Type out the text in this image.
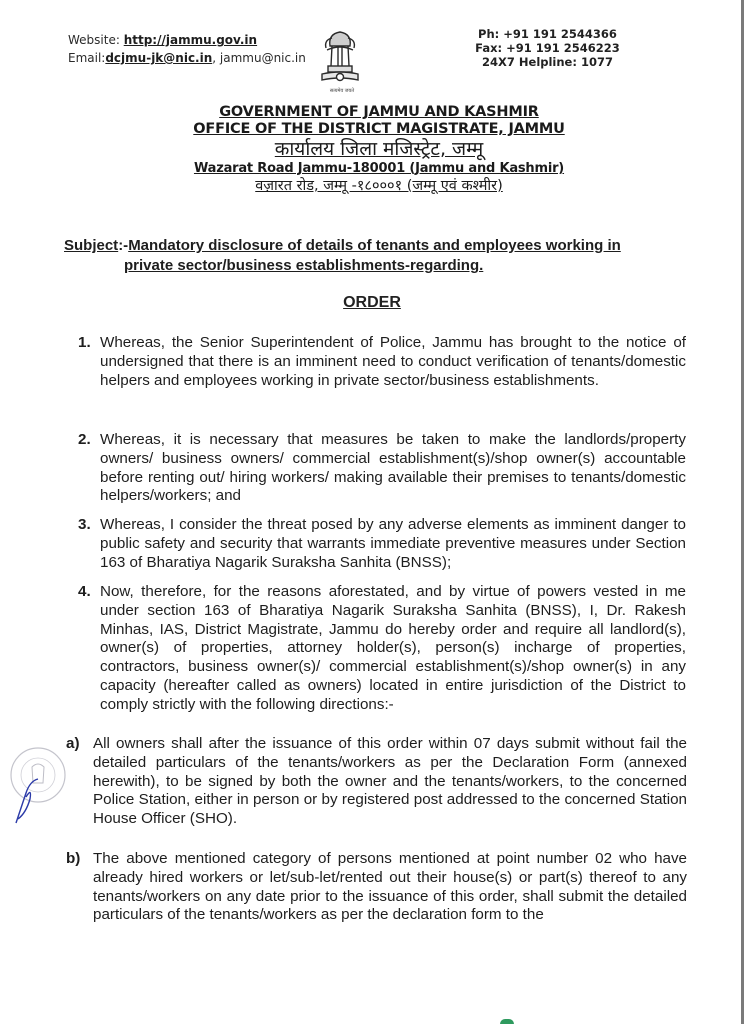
Website: http://jammu.gov.in
Email:dcjmu-jk@nic.in, jammu@nic.in
सत्यमेव जयते
Ph: +91 191 2544366
Fax: +91 191 2546223
24X7 Helpline: 1077
GOVERNMENT OF JAMMU AND KASHMIR
OFFICE OF THE DISTRICT MAGISTRATE, JAMMU
कार्यालय जिला मजिस्ट्रेट, जम्मू
Wazarat Road Jammu-180001 (Jammu and Kashmir)
वज़ारत रोड, जम्मू -१८०००१ (जम्मू एवं कश्मीर)
Subject:-Mandatory disclosure of details of tenants and employees working in
private sector/business establishments-regarding.
ORDER
1. Whereas, the Senior Superintendent of Police, Jammu has brought to the notice of undersigned that there is an imminent need to conduct verification of tenants/domestic helpers and employees working in private sector/business establishments.
2. Whereas, it is necessary that measures be taken to make the landlords/property owners/ business owners/ commercial establishment(s)/shop owner(s) accountable before renting out/ hiring workers/ making available their premises to tenants/domestic helpers/workers; and
3. Whereas, I consider the threat posed by any adverse elements as imminent danger to public safety and security that warrants immediate preventive measures under Section 163 of Bharatiya Nagarik Suraksha Sanhita (BNSS);
4. Now, therefore, for the reasons aforestated, and by virtue of powers vested in me under section 163 of Bharatiya Nagarik Suraksha Sanhita (BNSS), I, Dr. Rakesh Minhas, IAS, District Magistrate, Jammu do hereby order and require all landlord(s), owner(s) of properties, attorney holder(s), person(s) incharge of properties, contractors, business owner(s)/ commercial establishment(s)/shop owner(s) in any capacity (hereafter called as owners) located in entire jurisdiction of the District to comply strictly with the following directions:-
a) All owners shall after the issuance of this order within 07 days submit without fail the detailed particulars of the tenants/workers as per the Declaration Form (annexed herewith), to be signed by both the owner and the tenants/workers, to the concerned Police Station, either in person or by registered post addressed to the concerned Station House Officer (SHO).
b) The above mentioned category of persons mentioned at point number 02 who have already hired workers or let/sub-let/rented out their house(s) or part(s) thereof to any tenants/workers on any date prior to the issuance of this order, shall submit the detailed particulars of the tenants/workers as per the declaration form to the
